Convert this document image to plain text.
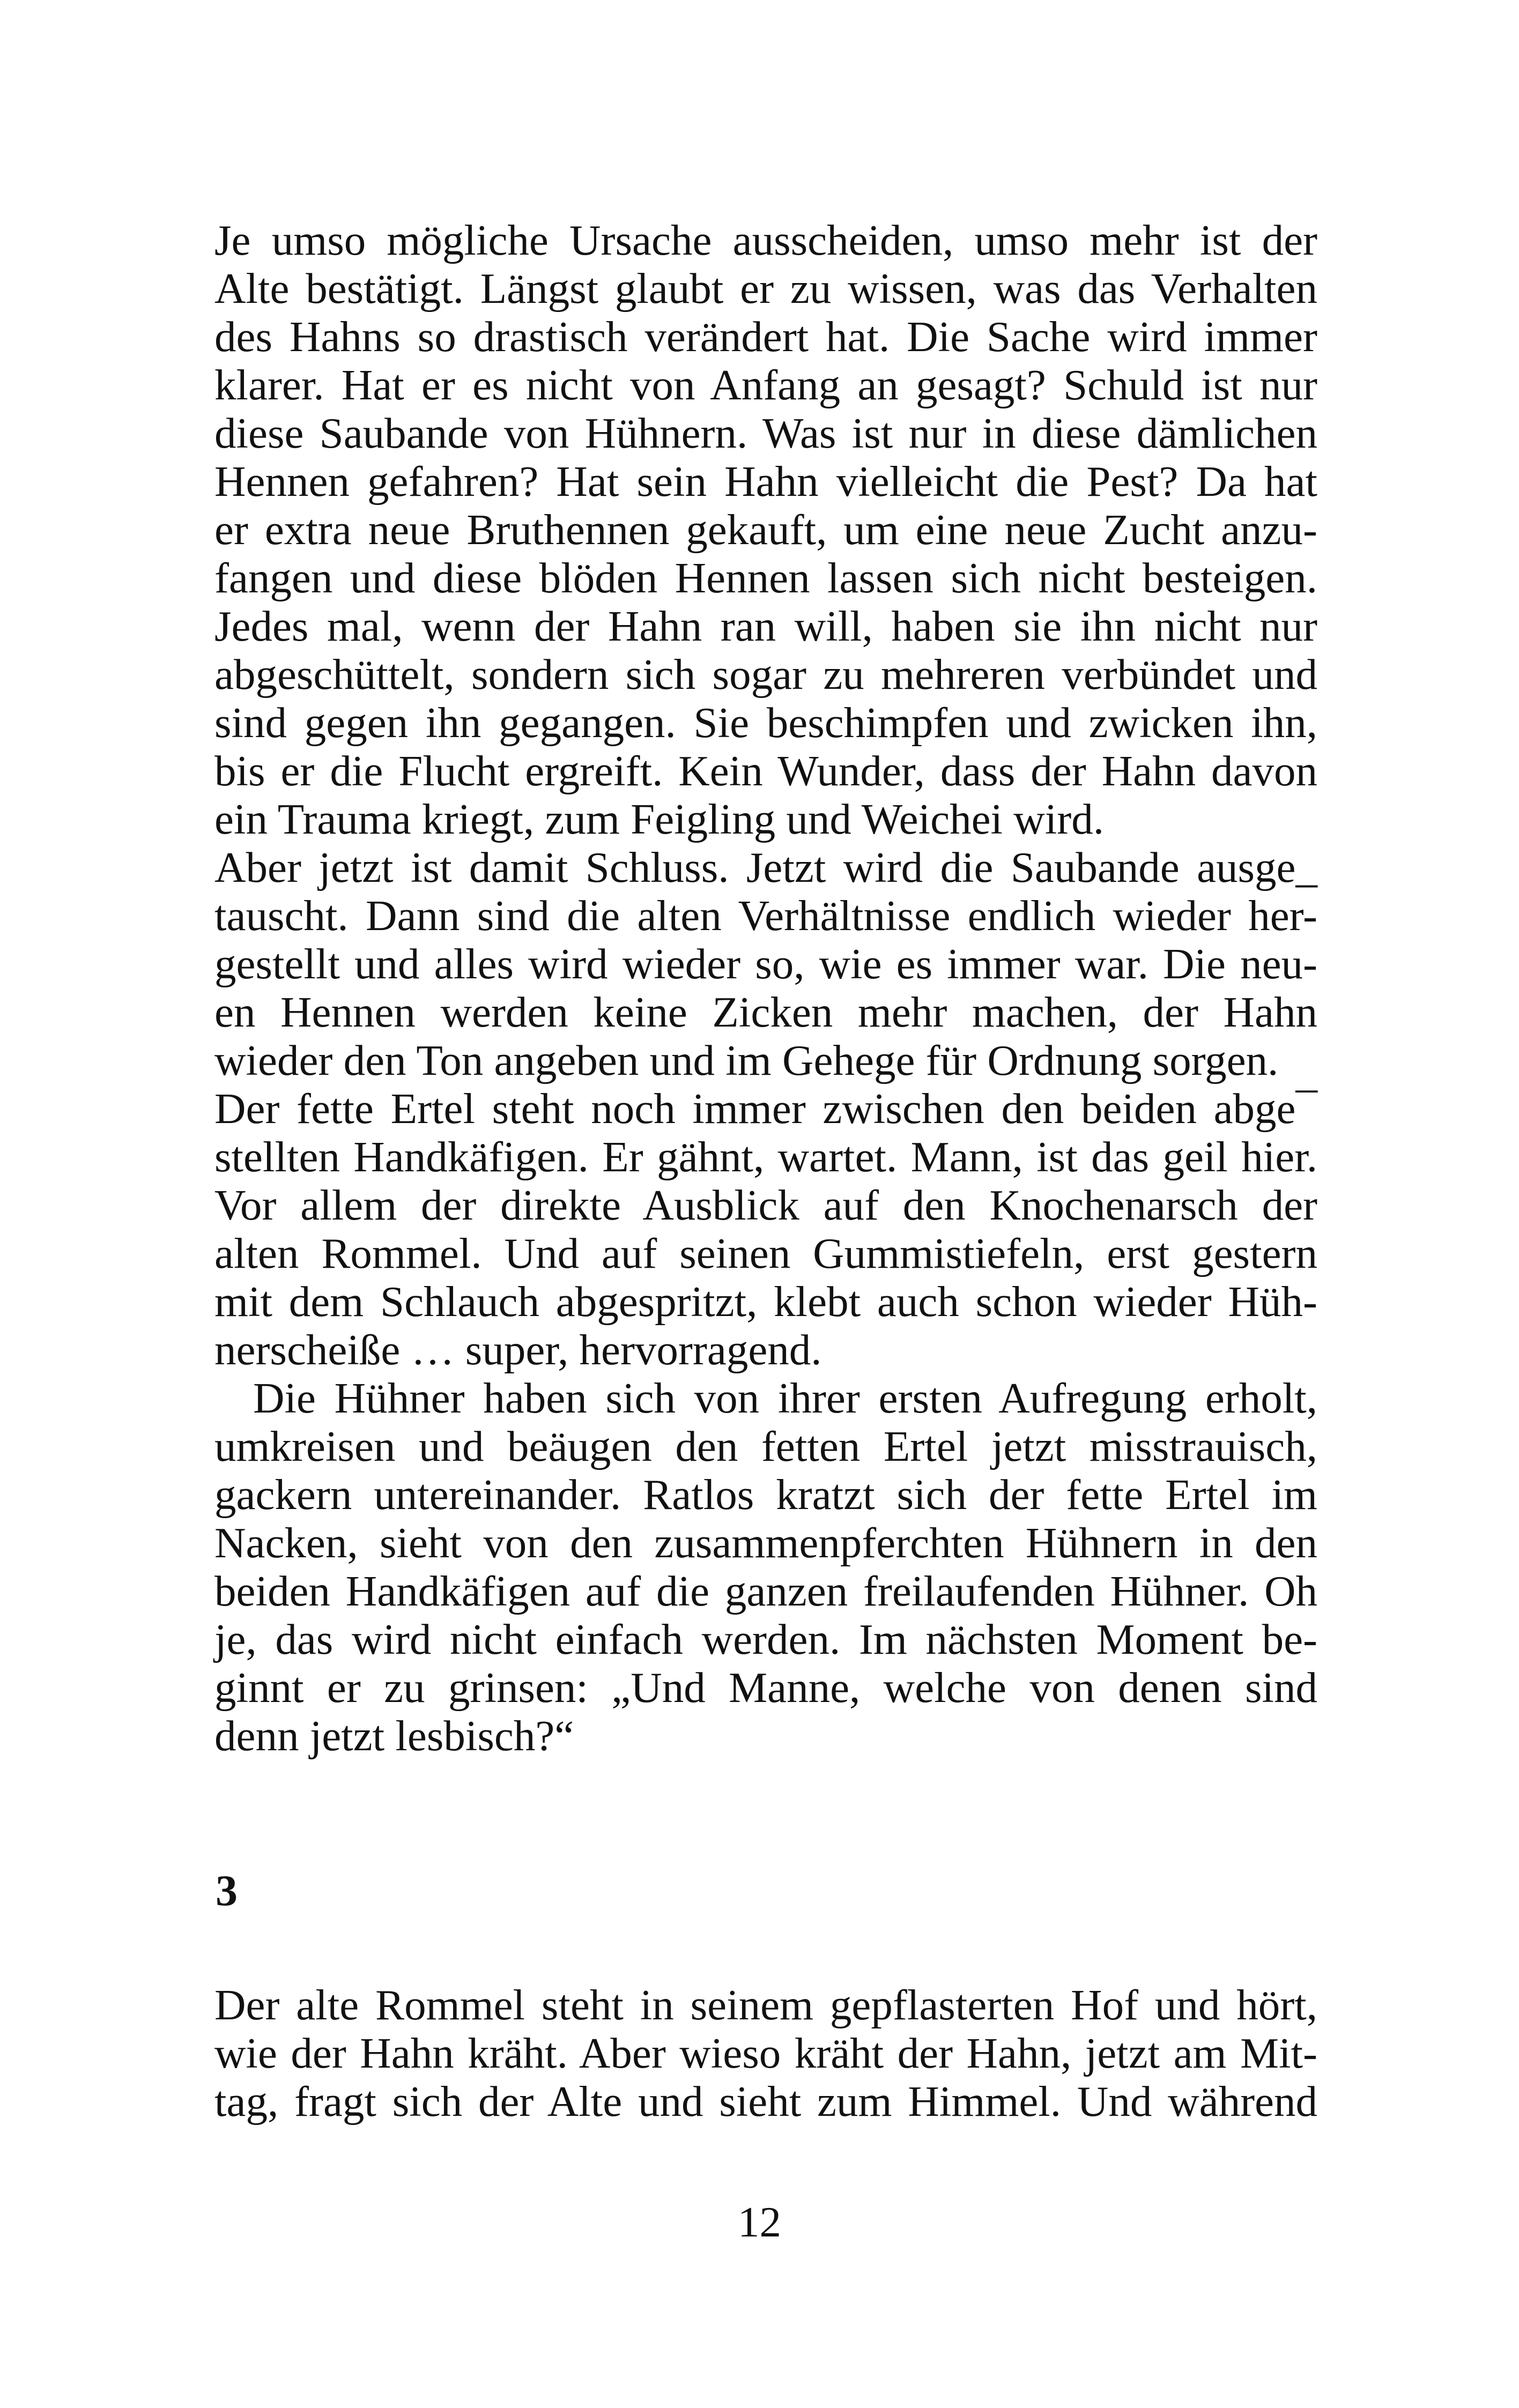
Je umso mögliche Ursache ausscheiden, umso mehr ist der
Alte bestätigt. Längst glaubt er zu wissen, was das Verhalten
des Hahns so drastisch verändert hat. Die Sache wird immer
klarer. Hat er es nicht von Anfang an gesagt? Schuld ist nur
diese Saubande von Hühnern. Was ist nur in diese dämlichen
Hennen gefahren? Hat sein Hahn vielleicht die Pest? Da hat
er extra neue Bruthennen gekauft, um eine neue Zucht anzu-
fangen und diese blöden Hennen lassen sich nicht besteigen.
Jedes mal, wenn der Hahn ran will, haben sie ihn nicht nur
abgeschüttelt, sondern sich sogar zu mehreren verbündet und
sind gegen ihn gegangen. Sie beschimpfen und zwicken ihn,
bis er die Flucht ergreift. Kein Wunder, dass der Hahn davon
ein Trauma kriegt, zum Feigling und Weichei wird.
Aber jetzt ist damit Schluss. Jetzt wird die Saubande ausge_
tauscht. Dann sind die alten Verhältnisse endlich wieder her-
gestellt und alles wird wieder so, wie es immer war. Die neu-
en Hennen werden keine Zicken mehr machen, der Hahn
wieder den Ton angeben und im Gehege für Ordnung sorgen.
Der fette Ertel steht noch immer zwischen den beiden abge¯
stellten Handkäfigen. Er gähnt, wartet. Mann, ist das geil hier.
Vor allem der direkte Ausblick auf den Knochenarsch der
alten Rommel. Und auf seinen Gummistiefeln, erst gestern
mit dem Schlauch abgespritzt, klebt auch schon wieder Hüh-
nerscheiße … super, hervorragend.
Die Hühner haben sich von ihrer ersten Aufregung erholt,
umkreisen und beäugen den fetten Ertel jetzt misstrauisch,
gackern untereinander. Ratlos kratzt sich der fette Ertel im
Nacken, sieht von den zusammenpferchten Hühnern in den
beiden Handkäfigen auf die ganzen freilaufenden Hühner. Oh
je, das wird nicht einfach werden. Im nächsten Moment be-
ginnt er zu grinsen: „Und Manne, welche von denen sind
denn jetzt lesbisch?“
3
Der alte Rommel steht in seinem gepflasterten Hof und hört,
wie der Hahn kräht. Aber wieso kräht der Hahn, jetzt am Mit-
tag, fragt sich der Alte und sieht zum Himmel. Und während
12
